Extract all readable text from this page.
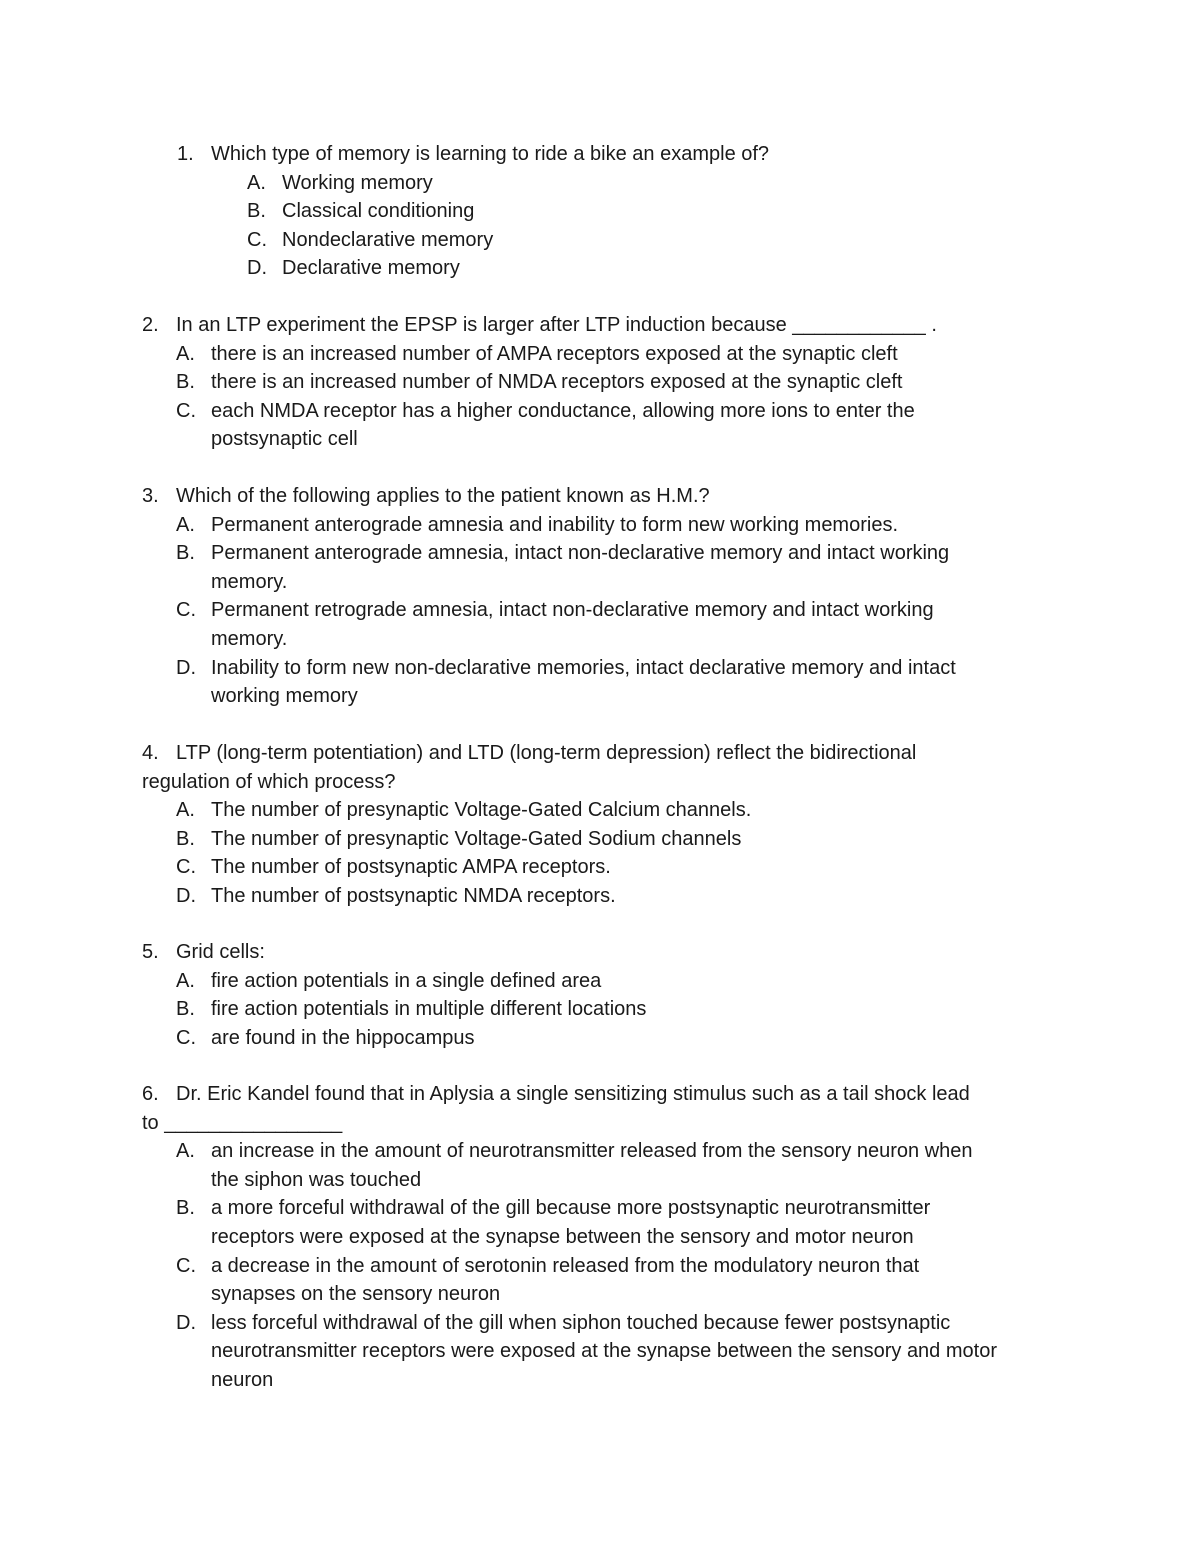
1. Which type of memory is learning to ride a bike an example of?
A. Working memory
B. Classical conditioning
C. Nondeclarative memory
D. Declarative memory
2. In an LTP experiment the EPSP is larger after LTP induction because ____________ .
A. there is an increased number of AMPA receptors exposed at the synaptic cleft
B. there is an increased number of NMDA receptors exposed at the synaptic cleft
C. each NMDA receptor has a higher conductance, allowing more ions to enter the
postsynaptic cell
3. Which of the following applies to the patient known as H.M.?
A. Permanent anterograde amnesia and inability to form new working memories.
B. Permanent anterograde amnesia, intact non-declarative memory and intact working
memory.
C. Permanent retrograde amnesia, intact non-declarative memory and intact working
memory.
D. Inability to form new non-declarative memories, intact declarative memory and intact
working memory
4. LTP (long-term potentiation) and LTD (long-term depression) reflect the bidirectional
regulation of which process?
A. The number of presynaptic Voltage-Gated Calcium channels.
B. The number of presynaptic Voltage-Gated Sodium channels
C. The number of postsynaptic AMPA receptors.
D. The number of postsynaptic NMDA receptors.
5. Grid cells:
A. fire action potentials in a single defined area
B. fire action potentials in multiple different locations
C. are found in the hippocampus
6. Dr. Eric Kandel found that in Aplysia a single sensitizing stimulus such as a tail shock lead
to ________________
A. an increase in the amount of neurotransmitter released from the sensory neuron when
the siphon was touched
B. a more forceful withdrawal of the gill because more postsynaptic neurotransmitter
receptors were exposed at the synapse between the sensory and motor neuron
C. a decrease in the amount of serotonin released from the modulatory neuron that
synapses on the sensory neuron
D. less forceful withdrawal of the gill when siphon touched because fewer postsynaptic
neurotransmitter receptors were exposed at the synapse between the sensory and motor
neuron
